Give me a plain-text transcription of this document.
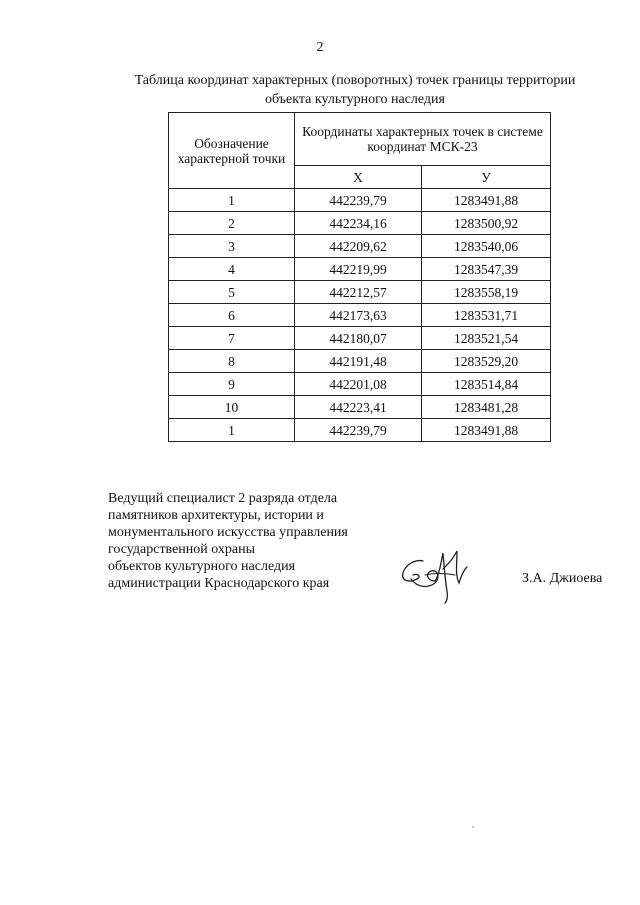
2
Таблица координат характерных (поворотных) точек границы территории
объекта культурного наследия
Обозначение характерной точки	Координаты характерных точек в системе координат МСК-23	
	Х	У
1	442239,79	1283491,88
2	442234,16	1283500,92
3	442209,62	1283540,06
4	442219,99	1283547,39
5	442212,57	1283558,19
6	442173,63	1283531,71
7	442180,07	1283521,54
8	442191,48	1283529,20
9	442201,08	1283514,84
10	442223,41	1283481,28
1	442239,79	1283491,88
Ведущий специалист 2 разряда отдела
памятников архитектуры, истории и
монументального искусства управления
государственной охраны
объектов культурного наследия
администрации Краснодарского края	З.А. Джиоева
